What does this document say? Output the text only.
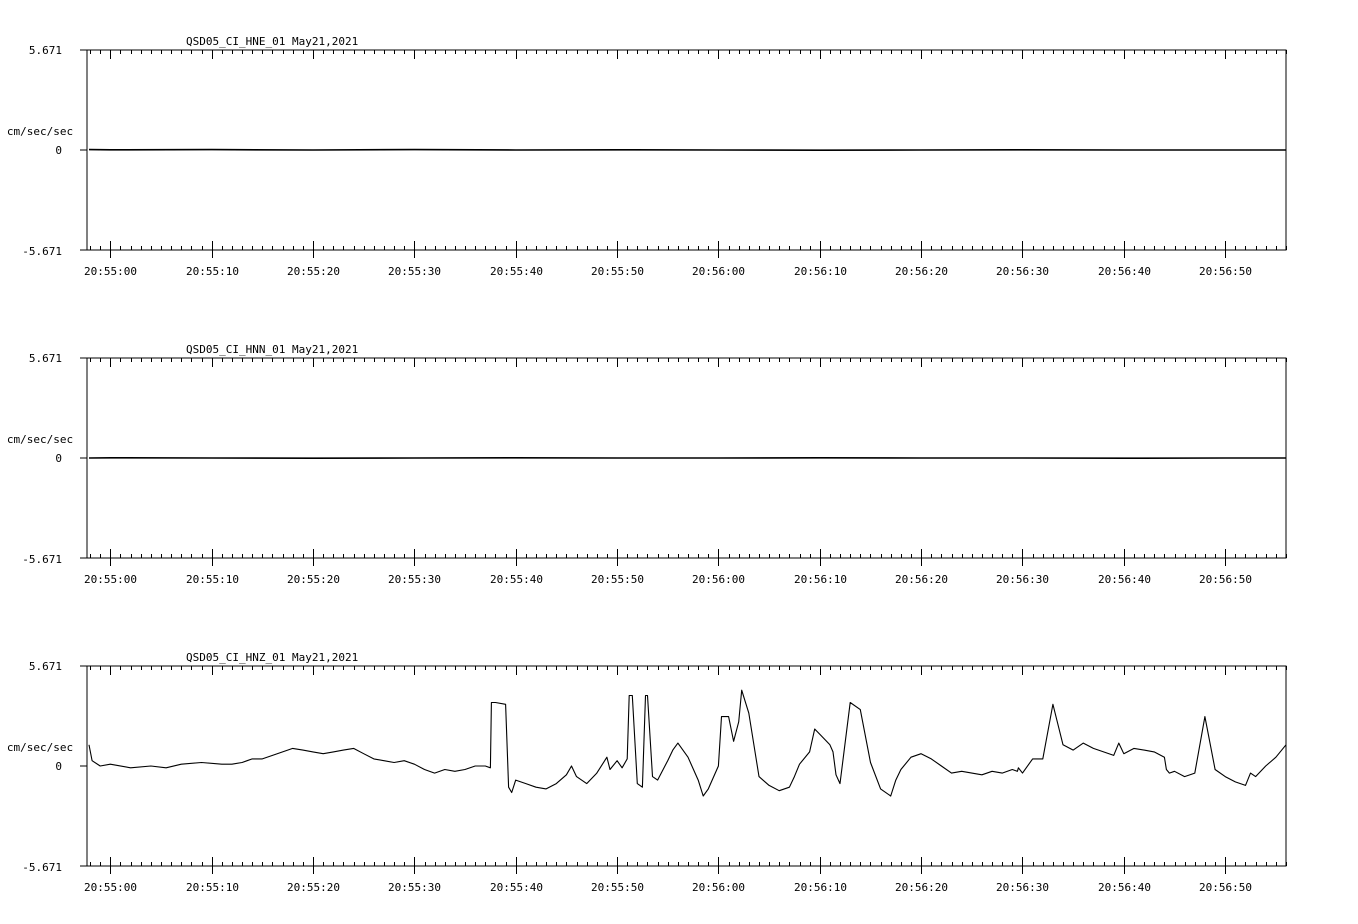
QSD05_CI_HNE_01 May21,2021
5.671
0
-5.671
cm/sec/sec
20:55:00	20:55:10	20:55:20	20:55:30	20:55:40	20:55:50	20:56:00	20:56:10	20:56:20	20:56:30	20:56:40	20:56:50
QSD05_CI_HNN_01 May21,2021
5.671
0
-5.671
cm/sec/sec
20:55:00	20:55:10	20:55:20	20:55:30	20:55:40	20:55:50	20:56:00	20:56:10	20:56:20	20:56:30	20:56:40	20:56:50
QSD05_CI_HNZ_01 May21,2021
5.671
0
-5.671
cm/sec/sec
20:55:00	20:55:10	20:55:20	20:55:30	20:55:40	20:55:50	20:56:00	20:56:10	20:56:20	20:56:30	20:56:40	20:56:50
